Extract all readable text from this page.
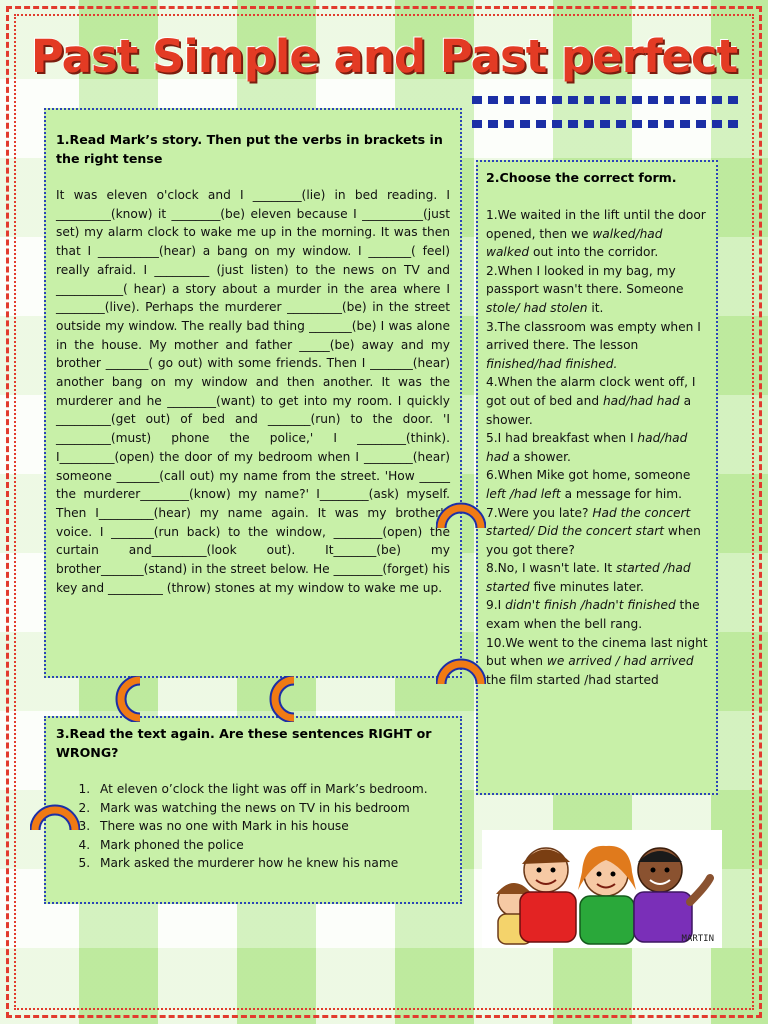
Past Simple and Past perfect
1.Read Mark’s story. Then put the verbs in brackets in the right tense

It was eleven o'clock and I ________(lie) in bed reading. I _________(know) it ________(be) eleven because I __________(just set) my alarm clock to wake me up in the morning. It was then that I __________(hear) a bang on my window. I _______( feel) really afraid. I _________ (just listen) to the news on TV and ___________( hear) a story about a murder in the area where I ________(live). Perhaps the murderer _________(be) in the street outside my window. The really bad thing _______(be) I was alone in the house. My mother and father _____(be) away and my brother _______( go out) with some friends. Then I _______(hear) another bang on my window and then another. It was the murderer and he ________(want) to get into my room. I quickly _________(get out) of bed and _______(run) to the door. 'I _________(must) phone the police,' I ________(think). I_________(open) the door of my bedroom when I ________(hear) someone _______(call out) my name from the street. 'How _____ the murderer________(know) my name?' I________(ask) myself. Then I_________(hear) my name again. It was my brother's voice. I _______(run back) to the window, ________(open) the curtain and_________(look out). It_______(be) my brother_______(stand) in the street below. He ________(forget) his key and _________ (throw) stones at my window to wake me up.

2.Choose the correct form.

1.We waited in the lift until the door opened, then we walked/had walked out into the corridor.

2.When I looked in my bag, my passport wasn't there. Someone stole/ had stolen it.

3.The classroom was empty when I arrived there. The lesson finished/had finished.

4.When the alarm clock went off, I got out of bed and had/had had a shower.

5.I had breakfast when I had/had had a shower.

6.When Mike got home, someone left /had left a message for him.

7.Were you late? Had the concert started/ Did the concert start when you got there?

8.No, I wasn't late. It started /had started five minutes later.

9.I didn't finish /hadn't finished the exam when the bell rang.

10.We went to the cinema last night but when we arrived / had arrived the film started /had started

3.Read the text again. Are these sentences RIGHT or WRONG?
1. At eleven o’clock the light was off in Mark’s bedroom.
2. Mark was watching the news on TV in his bedroom
3. There was no one with Mark in his house
4. Mark phoned the police
5. Mark asked the murderer how he knew his name
MARTIN
